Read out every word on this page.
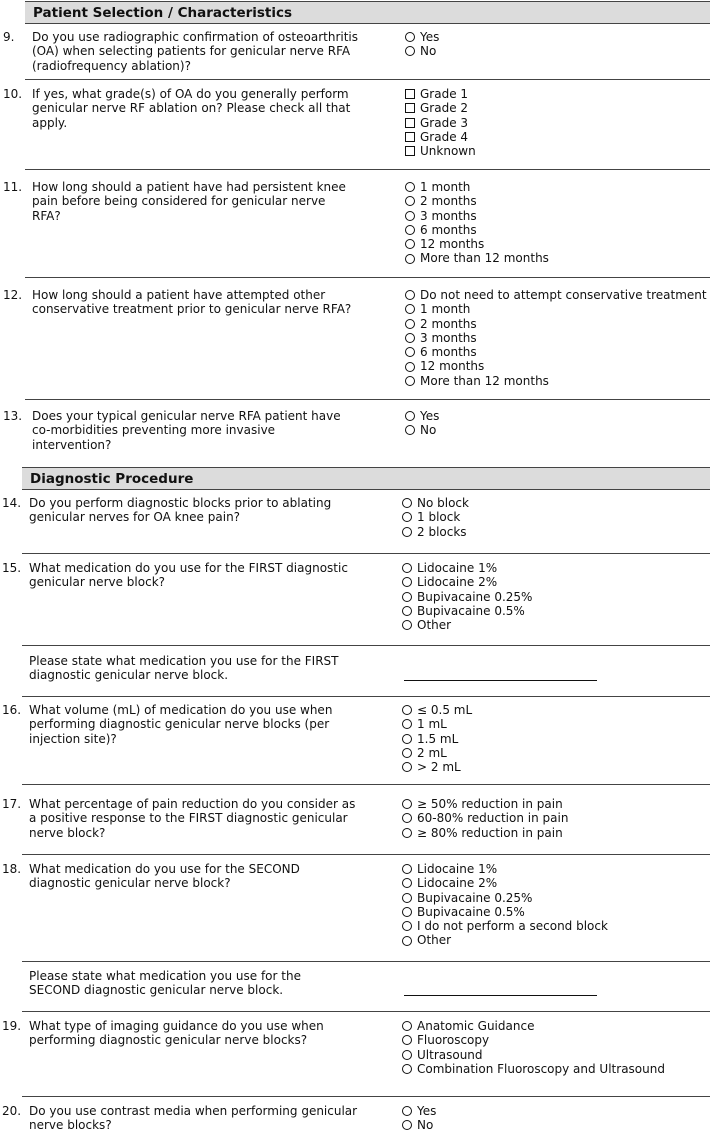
Patient Selection / Characteristics
9. Do you use radiographic confirmation of osteoarthritis (OA) when selecting patients for genicular nerve RFA (radiofrequency ablation)?
Yes
No
10. If yes, what grade(s) of OA do you generally perform genicular nerve RF ablation on? Please check all that apply.
Grade 1
Grade 2
Grade 3
Grade 4
Unknown
11. How long should a patient have had persistent knee pain before being considered for genicular nerve RFA?
1 month
2 months
3 months
6 months
12 months
More than 12 months
12. How long should a patient have attempted other conservative treatment prior to genicular nerve RFA?
Do not need to attempt conservative treatment
1 month
2 months
3 months
6 months
12 months
More than 12 months
13. Does your typical genicular nerve RFA patient have co-morbidities preventing more invasive intervention?
Yes
No
Diagnostic Procedure
14. Do you perform diagnostic blocks prior to ablating genicular nerves for OA knee pain?
No block
1 block
2 blocks
15. What medication do you use for the FIRST diagnostic genicular nerve block?
Lidocaine 1%
Lidocaine 2%
Bupivacaine 0.25%
Bupivacaine 0.5%
Other
Please state what medication you use for the FIRST diagnostic genicular nerve block.
16. What volume (mL) of medication do you use when performing diagnostic genicular nerve blocks (per injection site)?
≤ 0.5 mL
1 mL
1.5 mL
2 mL
> 2 mL
17. What percentage of pain reduction do you consider as a positive response to the FIRST diagnostic genicular nerve block?
≥ 50% reduction in pain
60-80% reduction in pain
≥ 80% reduction in pain
18. What medication do you use for the SECOND diagnostic genicular nerve block?
Lidocaine 1%
Lidocaine 2%
Bupivacaine 0.25%
Bupivacaine 0.5%
I do not perform a second block
Other
Please state what medication you use for the SECOND diagnostic genicular nerve block.
19. What type of imaging guidance do you use when performing diagnostic genicular nerve blocks?
Anatomic Guidance
Fluoroscopy
Ultrasound
Combination Fluoroscopy and Ultrasound
20. Do you use contrast media when performing genicular nerve blocks?
Yes
No
